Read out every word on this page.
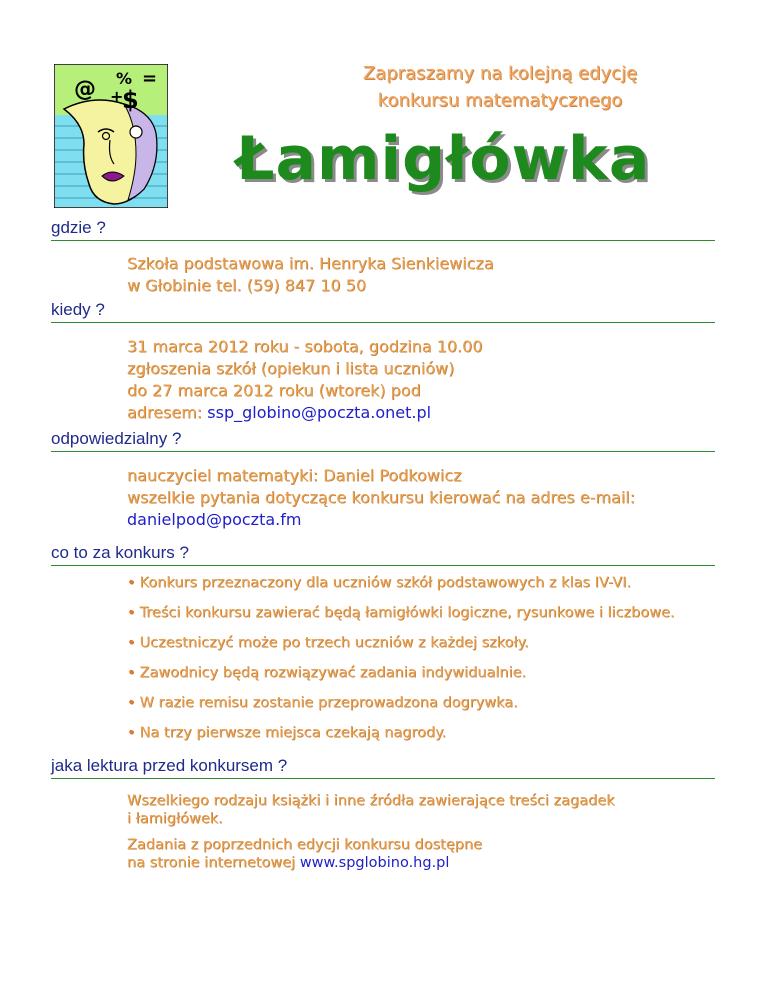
@ % =
+
$
Zapraszamy na kolejną edycję
konkursu matematycznego
Łamigłówka
gdzie ?
Szkoła podstawowa im. Henryka Sienkiewicza
w Głobinie tel. (59) 847 10 50
kiedy ?
31 marca 2012 roku - sobota, godzina 10.00
zgłoszenia szkół (opiekun i lista uczniów)
do 27 marca 2012 roku (wtorek) pod
adresem: ssp_globino@poczta.onet.pl
odpowiedzialny ?
nauczyciel matematyki: Daniel Podkowicz
wszelkie pytania dotyczące konkursu kierować na adres e-mail:
danielpod@poczta.fm
co to za konkurs ?
• Konkurs przeznaczony dla uczniów szkół podstawowych z klas IV-VI.
• Treści konkursu zawierać będą łamigłówki logiczne, rysunkowe i liczbowe.
• Uczestniczyć może po trzech uczniów z każdej szkoły.
• Zawodnicy będą rozwiązywać zadania indywidualnie.
• W razie remisu zostanie przeprowadzona dogrywka.
• Na trzy pierwsze miejsca czekają nagrody.
jaka lektura przed konkursem ?
Wszelkiego rodzaju książki i inne źródła zawierające treści zagadek
i łamigłówek.
Zadania z poprzednich edycji konkursu dostępne
na stronie internetowej www.spglobino.hg.pl
